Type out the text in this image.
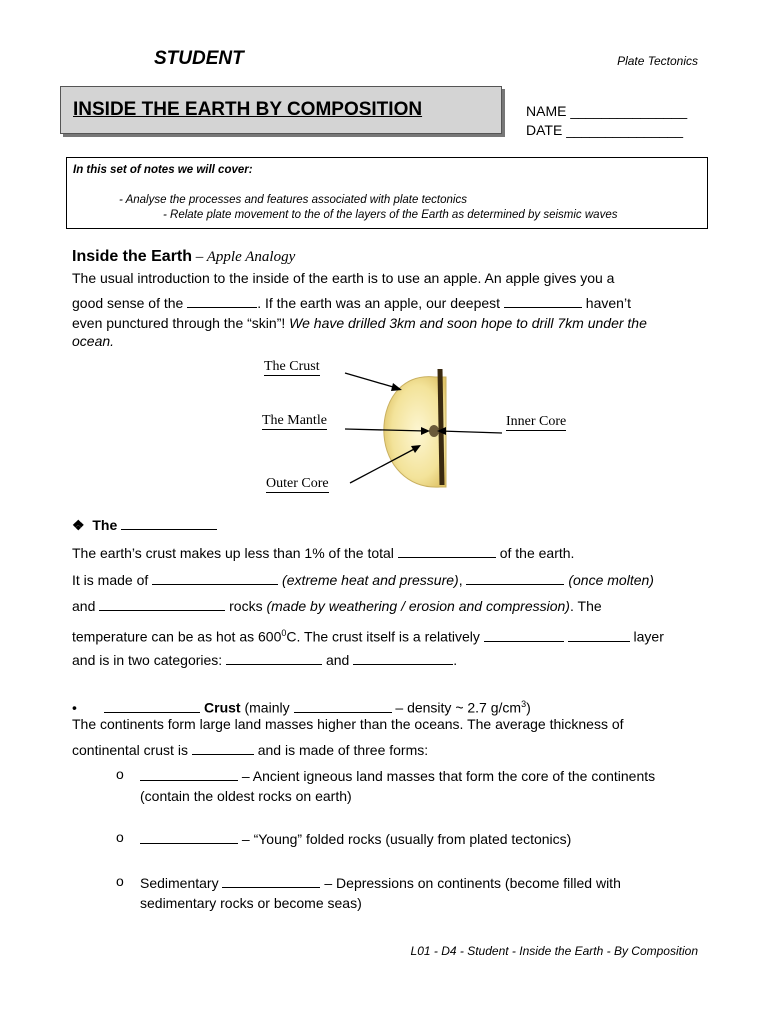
STUDENT	Plate Tectonics
INSIDE THE EARTH BY COMPOSITION	NAME _______________
DATE _______________
In this set of notes we will cover:
- Analyse the processes and features associated with plate tectonics
- Relate plate movement to the of the layers of the Earth as determined by seismic waves
Inside the Earth – Apple Analogy
The usual introduction to the inside of the earth is to use an apple. An apple gives you a
good sense of the	. If the earth was an apple, our deepest	haven’t
even punctured through the “skin”! We have drilled 3km and soon hope to drill 7km under the
ocean.
The Crust
The Mantle
Outer Core
Inner Core
❖ The
The earth’s crust makes up less than 1% of the total	of the earth.
It is made of	(extreme heat and pressure),	(once molten)
and	rocks (made by weathering / erosion and compression). The
temperature can be as hot as $600^0C$. The crust itself is a relatively	layer
and is in two categories:	and	.
•	Crust (mainly	– density ~ 2.7 $g/cm^3$)
The continents form large land masses higher than the oceans. The average thickness of
continental crust is	and is made of three forms:
o	– Ancient igneous land masses that form the core of the continents
(contain the oldest rocks on earth)
o	– “Young” folded rocks (usually from plated tectonics)
o Sedimentary	– Depressions on continents (become filled with
sedimentary rocks or become seas)
L01 - D4 - Student - Inside the Earth - By Composition
